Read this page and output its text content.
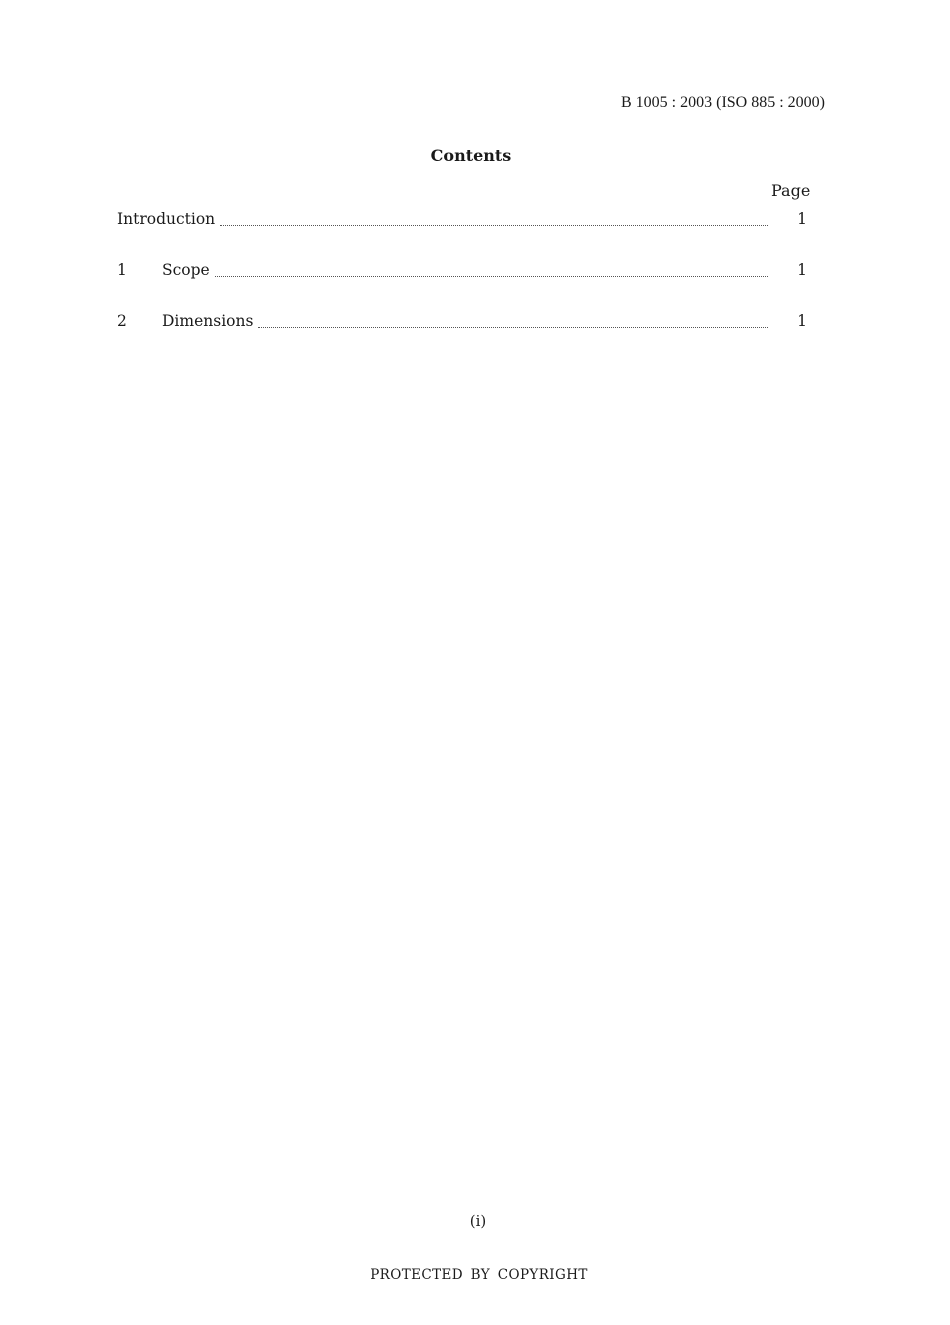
B 1005 : 2003 (ISO 885 : 2000)
Contents
Page
Introduction	1
1	Scope	1
2	Dimensions	1
(i)
PROTECTED BY COPYRIGHT
